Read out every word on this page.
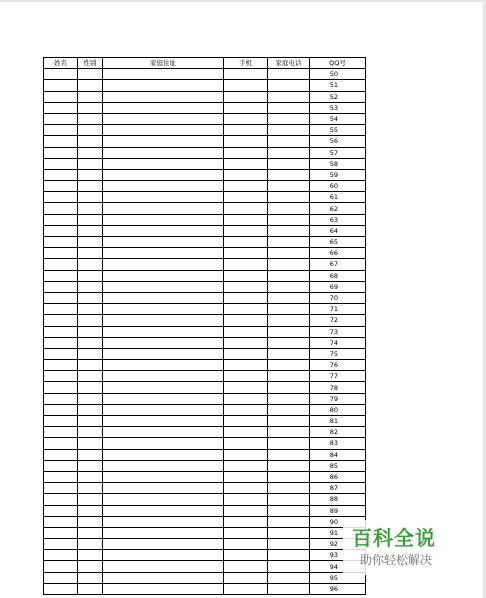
姓名	性别	家庭住址	手机	家庭电话	QQ号
					50
					51
					52
					53
					54
					55
					56
					57
					58
					59
					60
					61
					62
					63
					64
					65
					66
					67
					68
					69
					70
					71
					72
					73
					74
					75
					76
					77
					78
					79
					80
					81
					82
					83
					84
					85
					86
					87
					88
					89
					90
					91
					92
					93
					94
					95
					96
百科全说
助你轻松解决
